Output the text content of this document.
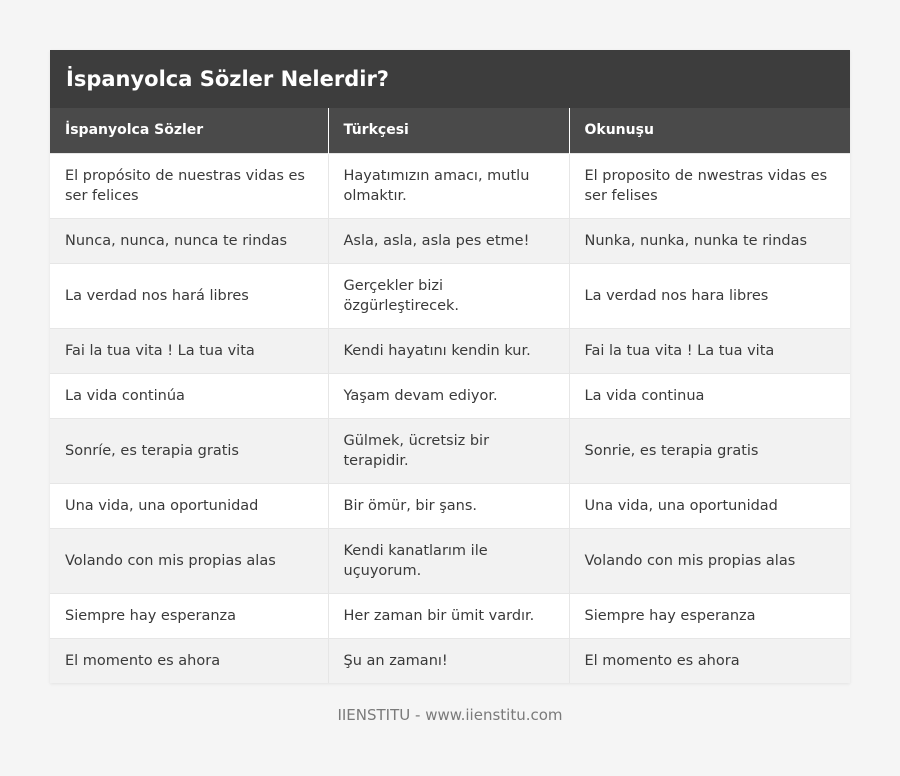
İspanyolca Sözler Nelerdir?
İspanyolca Sözler	Türkçesi	Okunuşu
El propósito de nuestras vidas es ser felices	Hayatımızın amacı, mutlu olmaktır.	El proposito de nwestras vidas es ser felises
Nunca, nunca, nunca te rindas	Asla, asla, asla pes etme!	Nunka, nunka, nunka te rindas
La verdad nos hará libres	Gerçekler bizi özgürleştirecek.	La verdad nos hara libres
Fai la tua vita ! La tua vita	Kendi hayatını kendin kur.	Fai la tua vita ! La tua vita
La vida continúa	Yaşam devam ediyor.	La vida continua
Sonríe, es terapia gratis	Gülmek, ücretsiz bir terapidir.	Sonrie, es terapia gratis
Una vida, una oportunidad	Bir ömür, bir şans.	Una vida, una oportunidad
Volando con mis propias alas	Kendi kanatlarım ile uçuyorum.	Volando con mis propias alas
Siempre hay esperanza	Her zaman bir ümit vardır.	Siempre hay esperanza
El momento es ahora	Şu an zamanı!	El momento es ahora
IIENSTITU - www.iienstitu.com
